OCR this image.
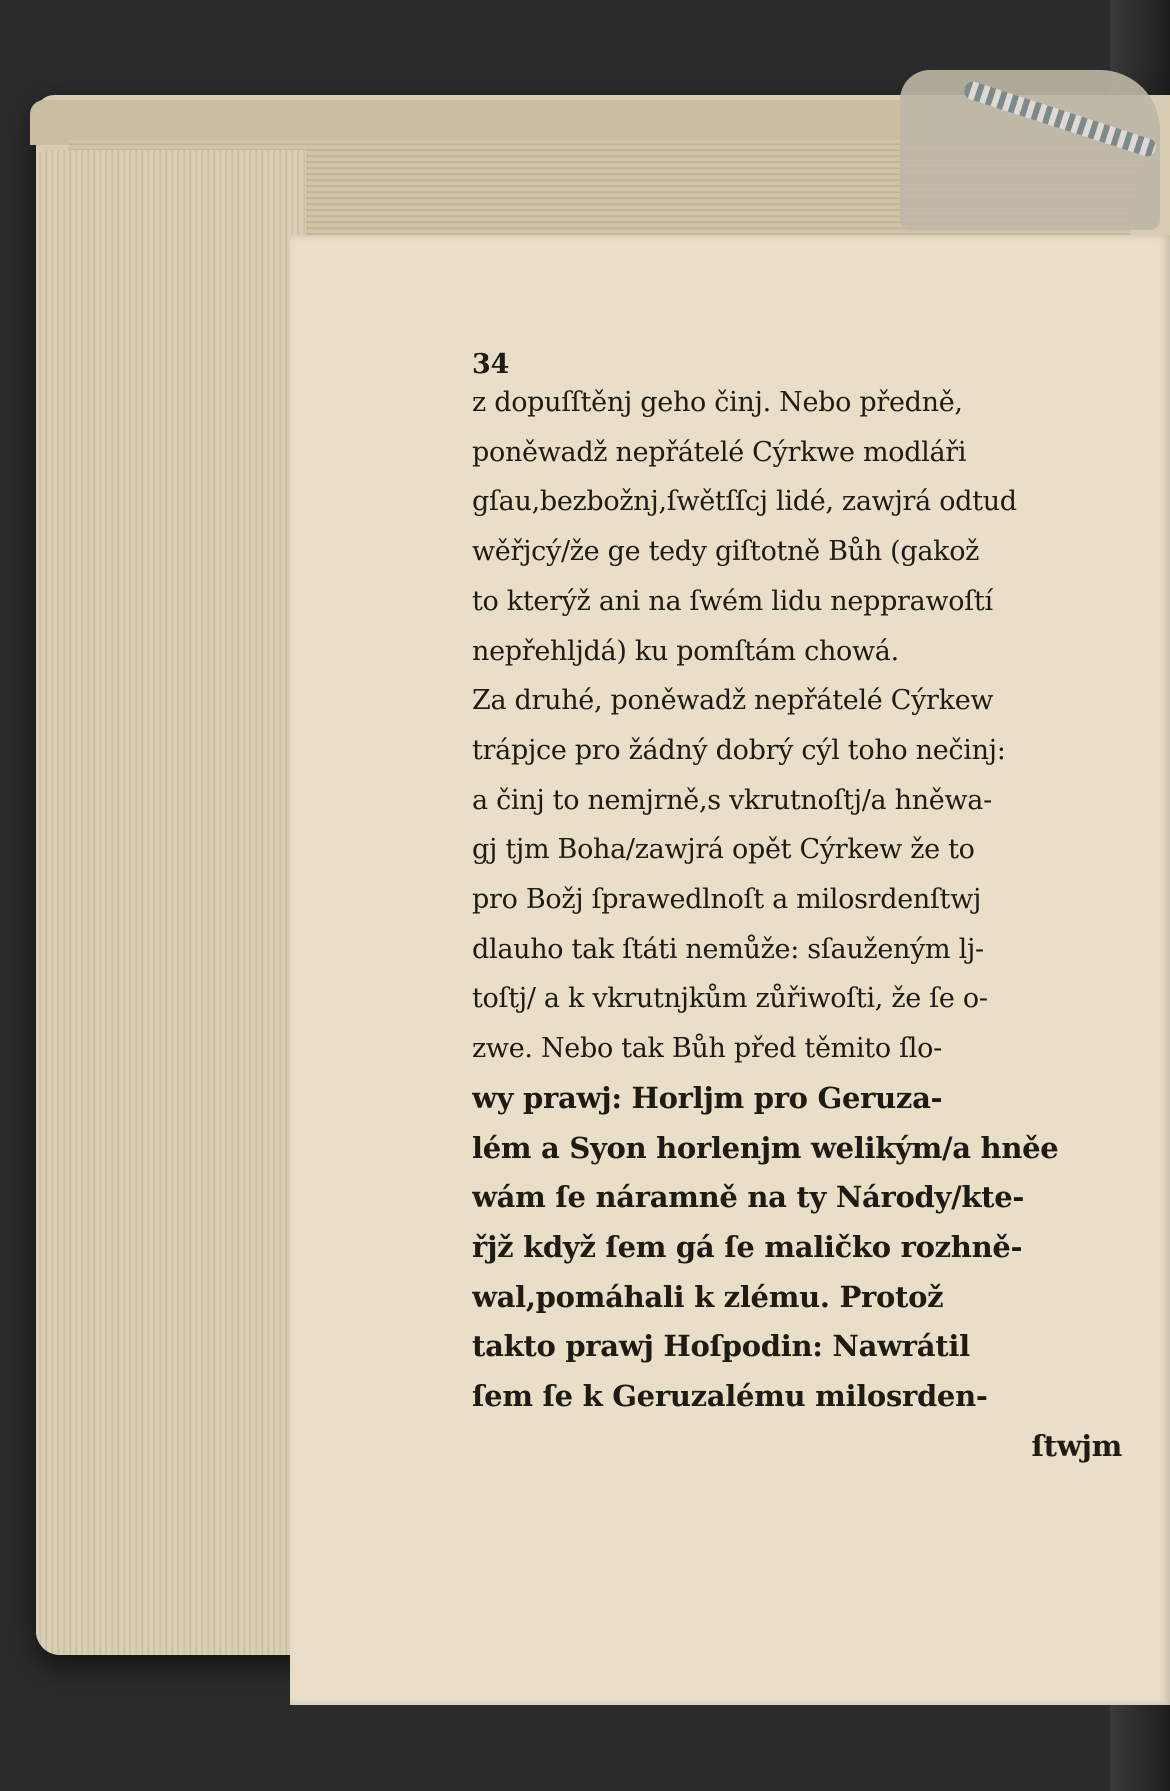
34
z dopuſſtěnj geho činj. Nebo předně,
poněwadž nepřátelé Cýrkwe modláři
gſau,bezbožnj,ſwětſſcj lidé, zawjrá odtud
wěřjcý/že ge tedy giſtotně Bůh (gakož
to kterýž ani na ſwém lidu nepprawoſtí
nepřehljdá) ku pomſtám chowá.
Za druhé, poněwadž nepřátelé Cýrkew
trápjce pro žádný dobrý cýl toho nečinj:
a činj to nemjrně,s vkrutnoſtj/a hněwa-
gj tjm Boha/zawjrá opět Cýrkew že to
pro Božj ſprawedlnoſt a milosrdenſtwj
dlauho tak ſtáti nemůže: sſauženým lj-
toſtj/ a k vkrutnjkům zůřiwoſti, že ſe o-
zwe. Nebo tak Bůh před těmito ſlo-
wy prawj: Horljm pro Geruza-
lém a Syon horlenjm welikým/a hněe
wám ſe náramně na ty Národy/kte-
řjž když ſem gá ſe maličko rozhně-
wal,pomáhali k zlému. Protož
takto prawj Hoſpodin: Nawrátil
ſem ſe k Geruzalému milosrden-
ſtwjm
